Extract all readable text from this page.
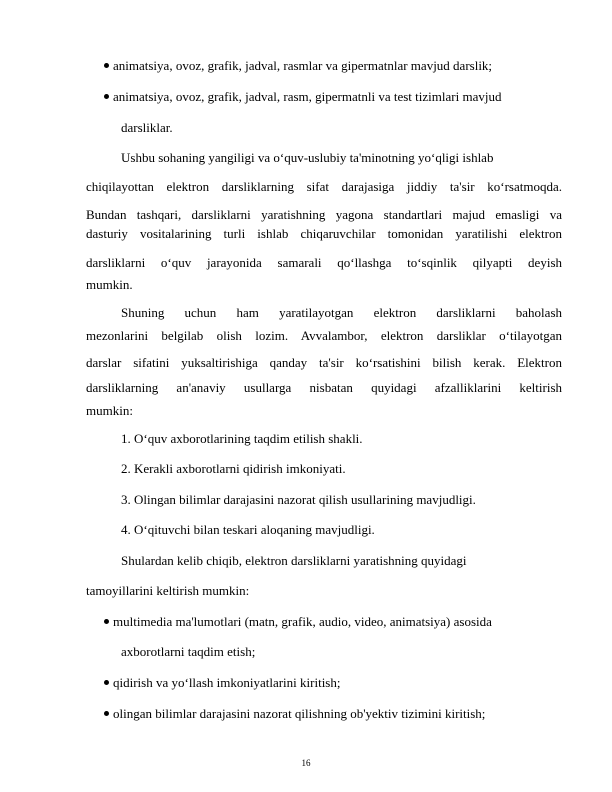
animatsiya, ovoz, grafik, jadval, rasmlar va gipermatnlar mavjud darslik;
animatsiya, ovoz, grafik, jadval, rasm, gipermatnli va test tizimlari mavjud
darsliklar.
Ushbu sohaning yangiligi va o‘quv-uslubiy ta'minotning yo‘qligi ishlab
chiqilayottan elektron darsliklarning sifat darajasiga jiddiy ta'sir ko‘rsatmoqda.
Bundan tashqari, darsliklarni yaratishning yagona standartlari majud emasligi va
dasturiy vositalarining turli ishlab chiqaruvchilar tomonidan yaratilishi elektron
darsliklarni o‘quv jarayonida samarali qo‘llashga to‘sqinlik qilyapti deyish
mumkin.
Shuning uchun ham yaratilayotgan elektron darsliklarni baholash
mezonlarini belgilab olish lozim. Avvalambor, elektron darsliklar o‘tilayotgan
darslar sifatini yuksaltirishiga qanday ta'sir ko‘rsatishini bilish kerak. Elektron
darsliklarning an'anaviy usullarga nisbatan quyidagi afzalliklarini keltirish
mumkin:
1. O‘quv axborotlarining taqdim etilish shakli.
2. Kerakli axborotlarni qidirish imkoniyati.
3. Olingan bilimlar darajasini nazorat qilish usullarining mavjudligi.
4. O‘qituvchi bilan teskari aloqaning mavjudligi.
Shulardan kelib chiqib, elektron darsliklarni yaratishning quyidagi
tamoyillarini keltirish mumkin:
multimedia ma'lumotlari (matn, grafik, audio, video, animatsiya) asosida
axborotlarni taqdim etish;
qidirish va yo‘llash imkoniyatlarini kiritish;
olingan bilimlar darajasini nazorat qilishning ob'yektiv tizimini kiritish;
16
